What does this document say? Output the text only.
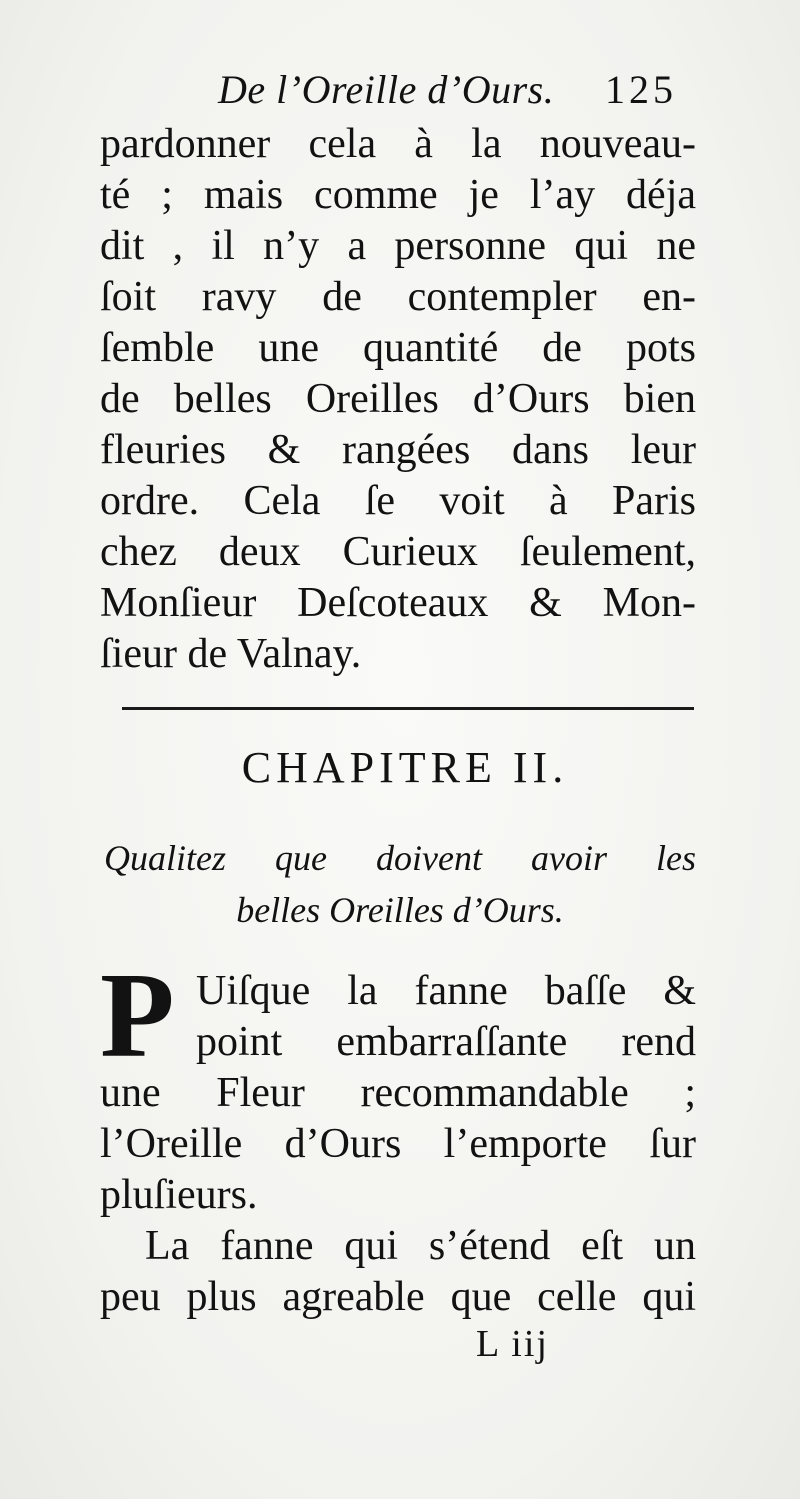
De l’Oreille d’Ours. 125
pardonner cela à la nouveau-
té ; mais comme je l’ay déja
dit , il n’y a personne qui ne
ſoit ravy de contempler en-
ſemble une quantité de pots
de belles Oreilles d’Ours bien
fleuries & rangées dans leur
ordre. Cela ſe voit à Paris
chez deux Curieux ſeulement,
Monſieur Deſcoteaux & Mon-
ſieur de Valnay.
CHAPITRE II.
Qualitez que doivent avoir les
belles Oreilles d’Ours.
P Uiſque la fanne baſſe &
point embarraſſante rend
une Fleur recommandable ;
l’Oreille d’Ours l’emporte ſur
pluſieurs.
La fanne qui s’étend eſt un
peu plus agreable que celle qui
L iij
